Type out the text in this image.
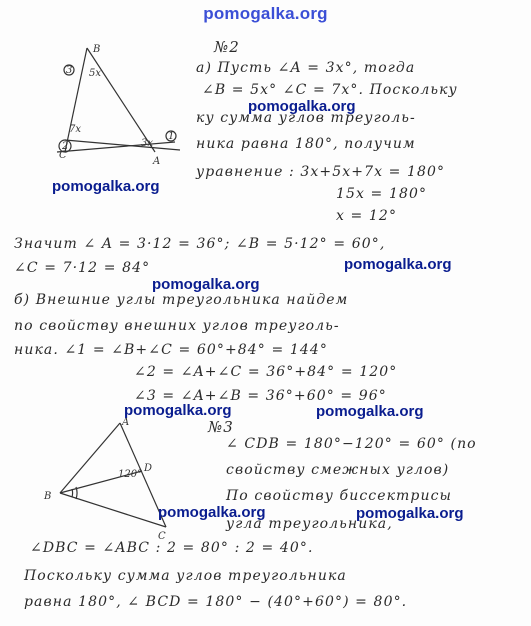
pomogalka.org
B
5x
7x
3x
C
A
3
2
1
№2
а) Пусть ∠A = 3x°, тогда
∠B = 5x° ∠C = 7x°. Поскольку
ку сумма углов треуголь-
ника равна 180°, получим
уравнение : 3x+5x+7x = 180°
15x = 180°
x = 12°
Значит ∠ A = 3·12 = 36°; ∠B = 5·12° = 60°,
∠C = 7·12 = 84°
б) Внешние углы треугольника найдем
по свойству внешних углов треуголь-
ника. ∠1 = ∠B+∠C = 60°+84° = 144°
∠2 = ∠A+∠C = 36°+84° = 120°
∠3 = ∠A+∠B = 36°+60° = 96°
A
B
C
D
120°
№3
∠ CDB = 180°−120° = 60° (по
свойству смежных углов)
По свойству биссектрисы
угла треугольника,
∠DBC = ∠ABC : 2 = 80° : 2 = 40°.
Поскольку сумма углов треугольника
равна 180°, ∠ BCD = 180° − (40°+60°) = 80°.
pomogalka.org
pomogalka.org
pomogalka.org
pomogalka.org
pomogalka.org	pomogalka.org
pomogalka.org	pomogalka.org
